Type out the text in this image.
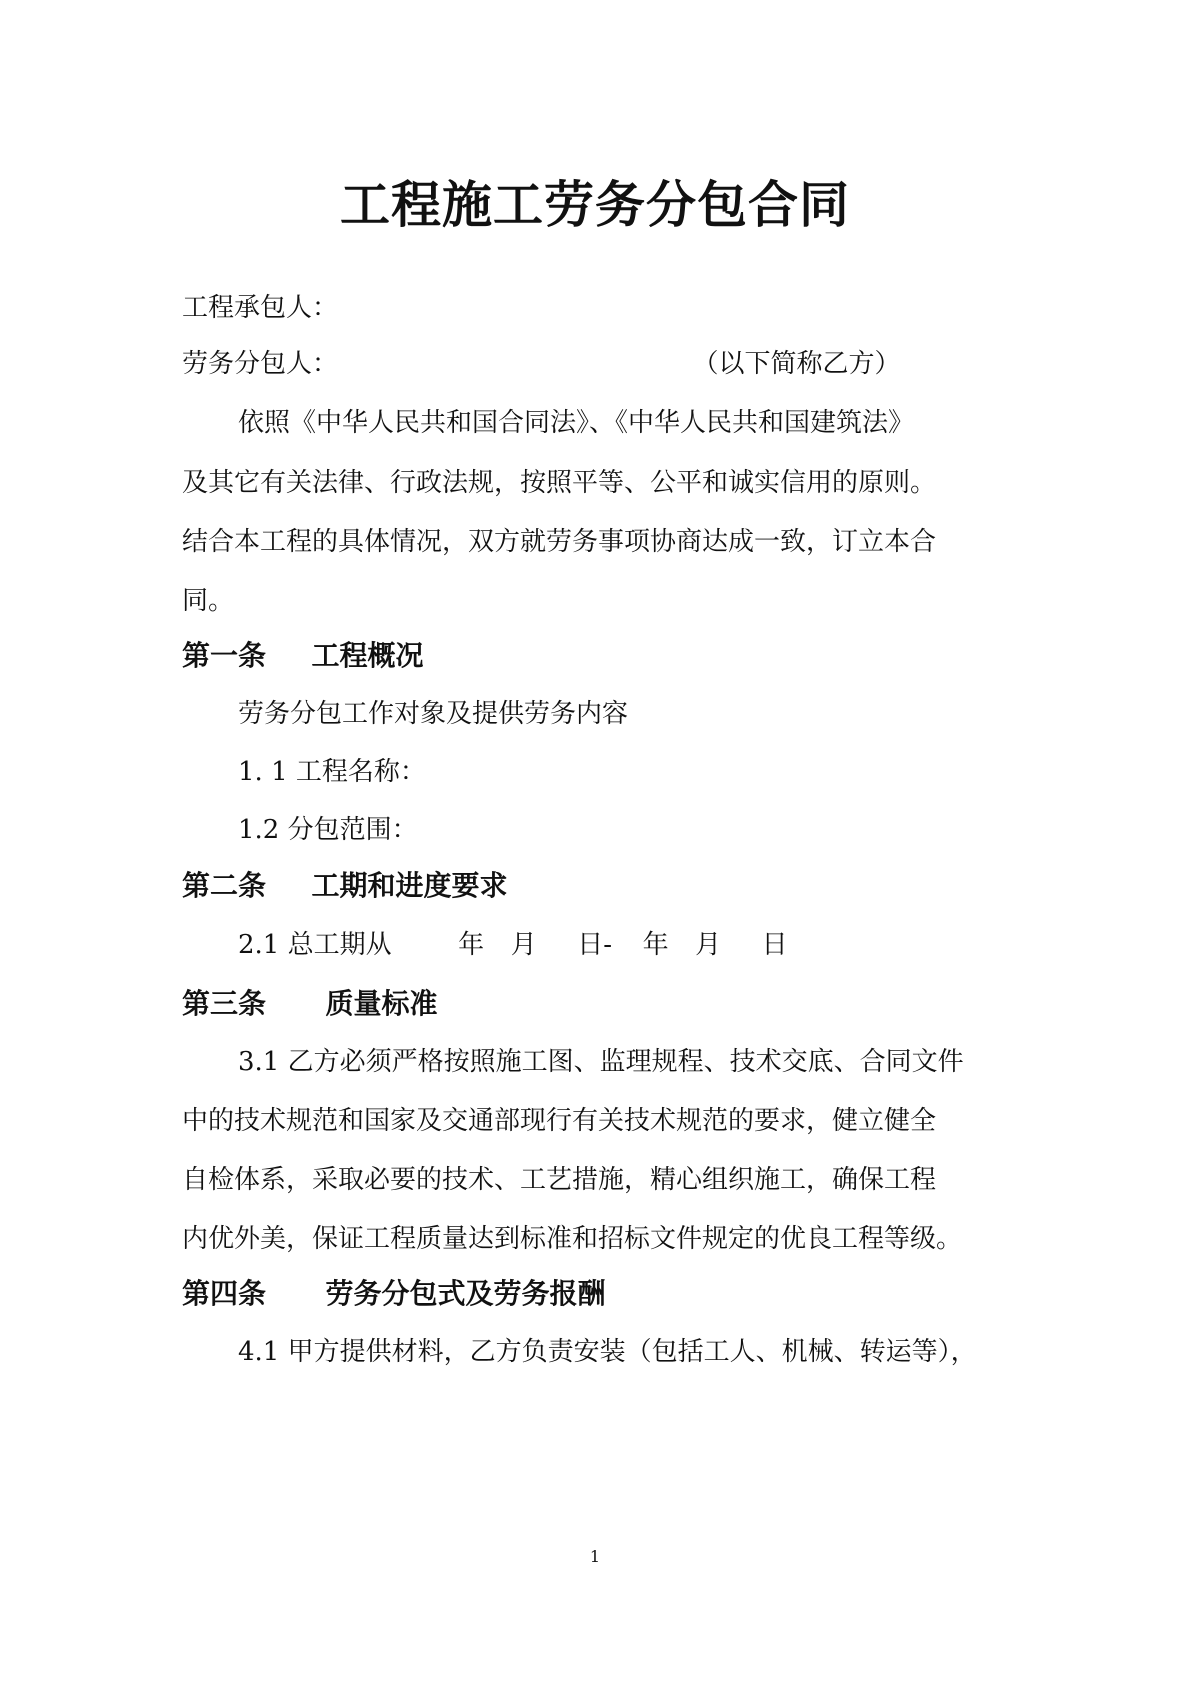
工程施工劳务分包合同
工程承包人：
劳务分包人：	（以下简称乙方）
依照《中华人民共和国合同法》、《中华人民共和国建筑法》
及其它有关法律、行政法规，按照平等、公平和诚实信用的原则。
结合本工程的具体情况，双方就劳务事项协商达成一致，订立本合
同。
第一条 工程概况
劳务分包工作对象及提供劳务内容
1. 1 工程名称：
1.2 分包范围：
第二条 工期和进度要求
2.1 总工期从	年 月 日- 年 月 日
第三条 质量标准
3.1 乙方必须严格按照施工图、监理规程、技术交底、合同文件
中的技术规范和国家及交通部现行有关技术规范的要求，健立健全
自检体系，采取必要的技术、工艺措施，精心组织施工，确保工程
内优外美，保证工程质量达到标准和招标文件规定的优良工程等级。
第四条 劳务分包式及劳务报酬
4.1 甲方提供材料，乙方负责安装（包括工人、机械、转运等），
1
